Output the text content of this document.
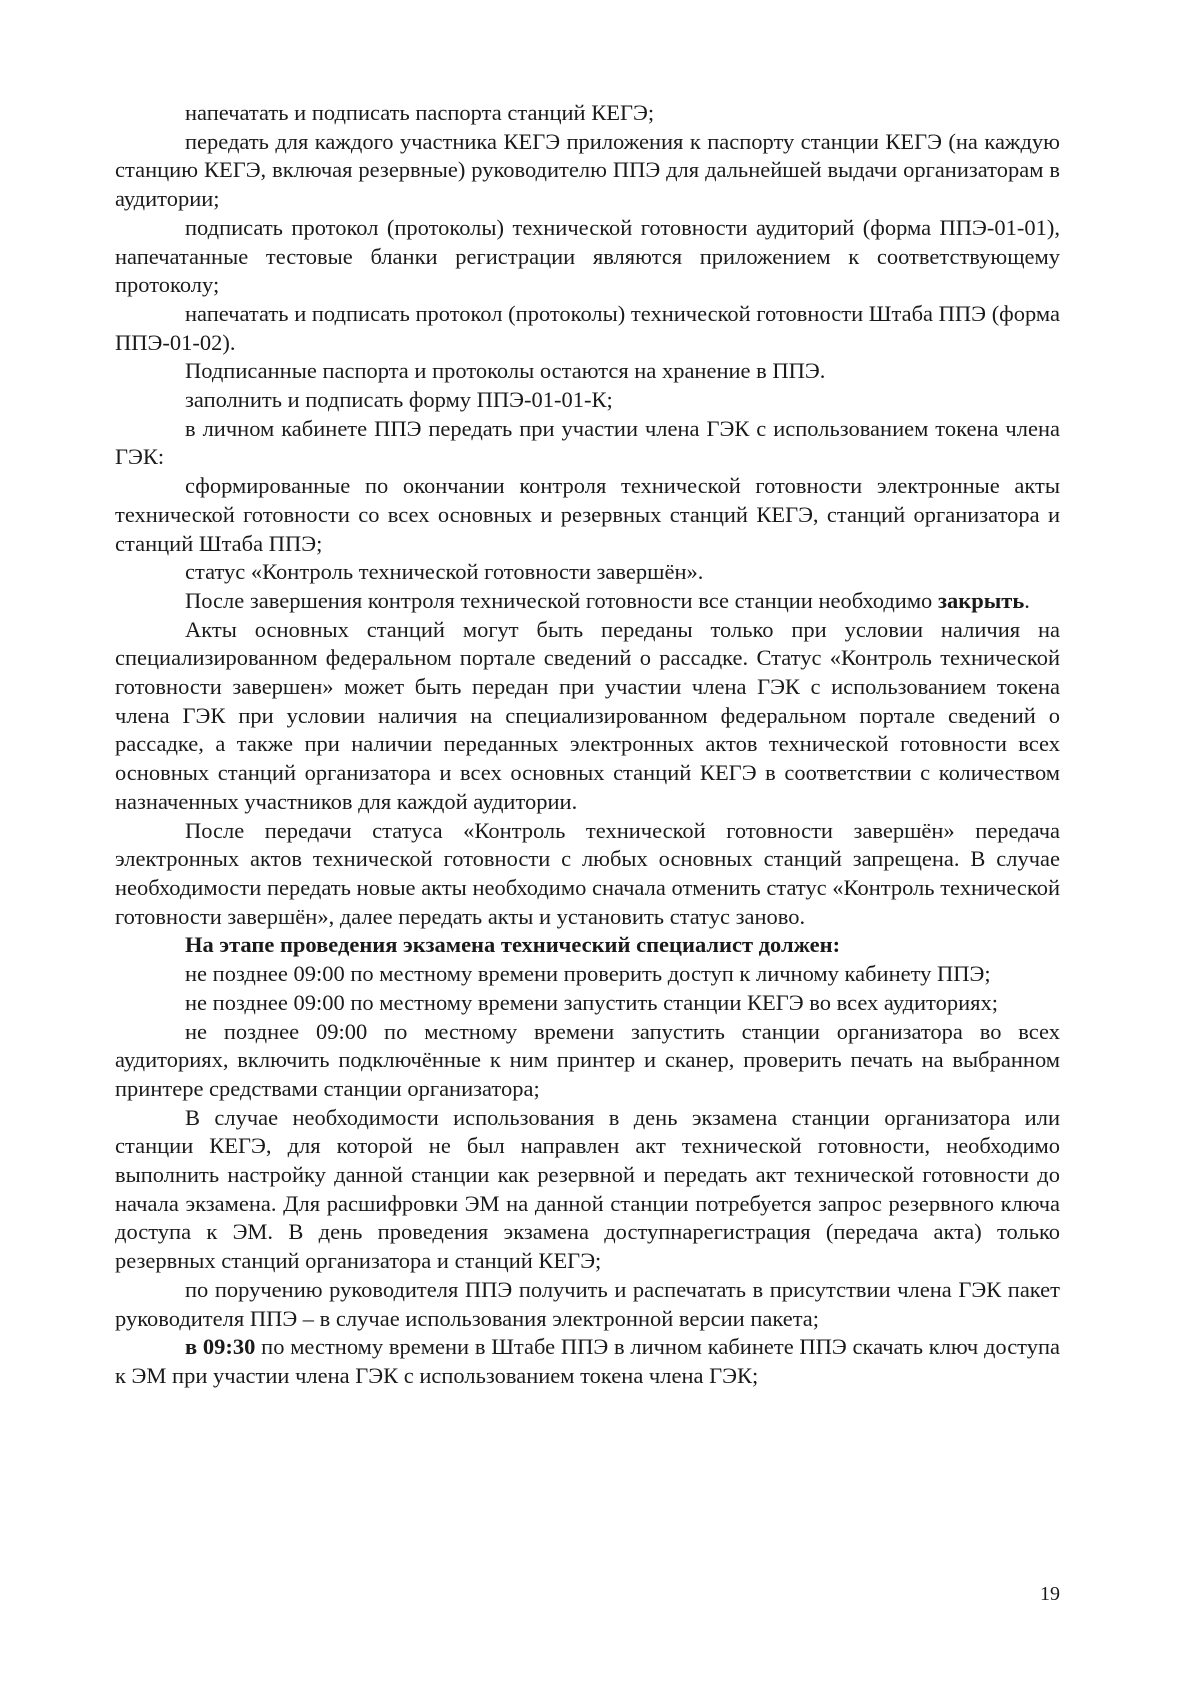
напечатать и подписать паспорта станций КЕГЭ;

передать для каждого участника КЕГЭ приложения к паспорту станции КЕГЭ (на каждую станцию КЕГЭ, включая резервные) руководителю ППЭ для дальнейшей выдачи организаторам в аудитории;

подписать протокол (протоколы) технической готовности аудиторий (форма ППЭ-01-01), напечатанные тестовые бланки регистрации являются приложением к соответствующему протоколу;

напечатать и подписать протокол (протоколы) технической готовности Штаба ППЭ (форма ППЭ-01-02).

Подписанные паспорта и протоколы остаются на хранение в ППЭ.

заполнить и подписать форму ППЭ-01-01-К;

в личном кабинете ППЭ передать при участии члена ГЭК с использованием токена члена ГЭК:

сформированные по окончании контроля технической готовности электронные акты технической готовности со всех основных и резервных станций КЕГЭ, станций организатора и станций Штаба ППЭ;

статус «Контроль технической готовности завершён».

После завершения контроля технической готовности все станции необходимо закрыть.

Акты основных станций могут быть переданы только при условии наличия на специализированном федеральном портале сведений о рассадке. Статус «Контроль технической готовности завершен» может быть передан при участии члена ГЭК с использованием токена члена ГЭК при условии наличия на специализированном федеральном портале сведений о рассадке, а также при наличии переданных электронных актов технической готовности всех основных станций организатора и всех основных станций КЕГЭ в соответствии с количеством назначенных участников для каждой аудитории.

После передачи статуса «Контроль технической готовности завершён» передача электронных актов технической готовности с любых основных станций запрещена. В случае необходимости передать новые акты необходимо сначала отменить статус «Контроль технической готовности завершён», далее передать акты и установить статус заново.

На этапе проведения экзамена технический специалист должен:

не позднее 09:00 по местному времени проверить доступ к личному кабинету ППЭ;

не позднее 09:00 по местному времени запустить станции КЕГЭ во всех аудиториях;

не позднее 09:00 по местному времени запустить станции организатора во всех аудиториях, включить подключённые к ним принтер и сканер, проверить печать на выбранном принтере средствами станции организатора;

В случае необходимости использования в день экзамена станции организатора или станции КЕГЭ, для которой не был направлен акт технической готовности, необходимо выполнить настройку данной станции как резервной и передать акт технической готовности до начала экзамена. Для расшифровки ЭМ на данной станции потребуется запрос резервного ключа доступа к ЭМ. В день проведения экзамена доступнарегистрация (передача акта) только резервных станций организатора и станций КЕГЭ;

по поручению руководителя ППЭ получить и распечатать в присутствии члена ГЭК пакет руководителя ППЭ – в случае использования электронной версии пакета;

в 09:30 по местному времени в Штабе ППЭ в личном кабинете ППЭ скачать ключ доступа к ЭМ при участии члена ГЭК с использованием токена члена ГЭК;

19
